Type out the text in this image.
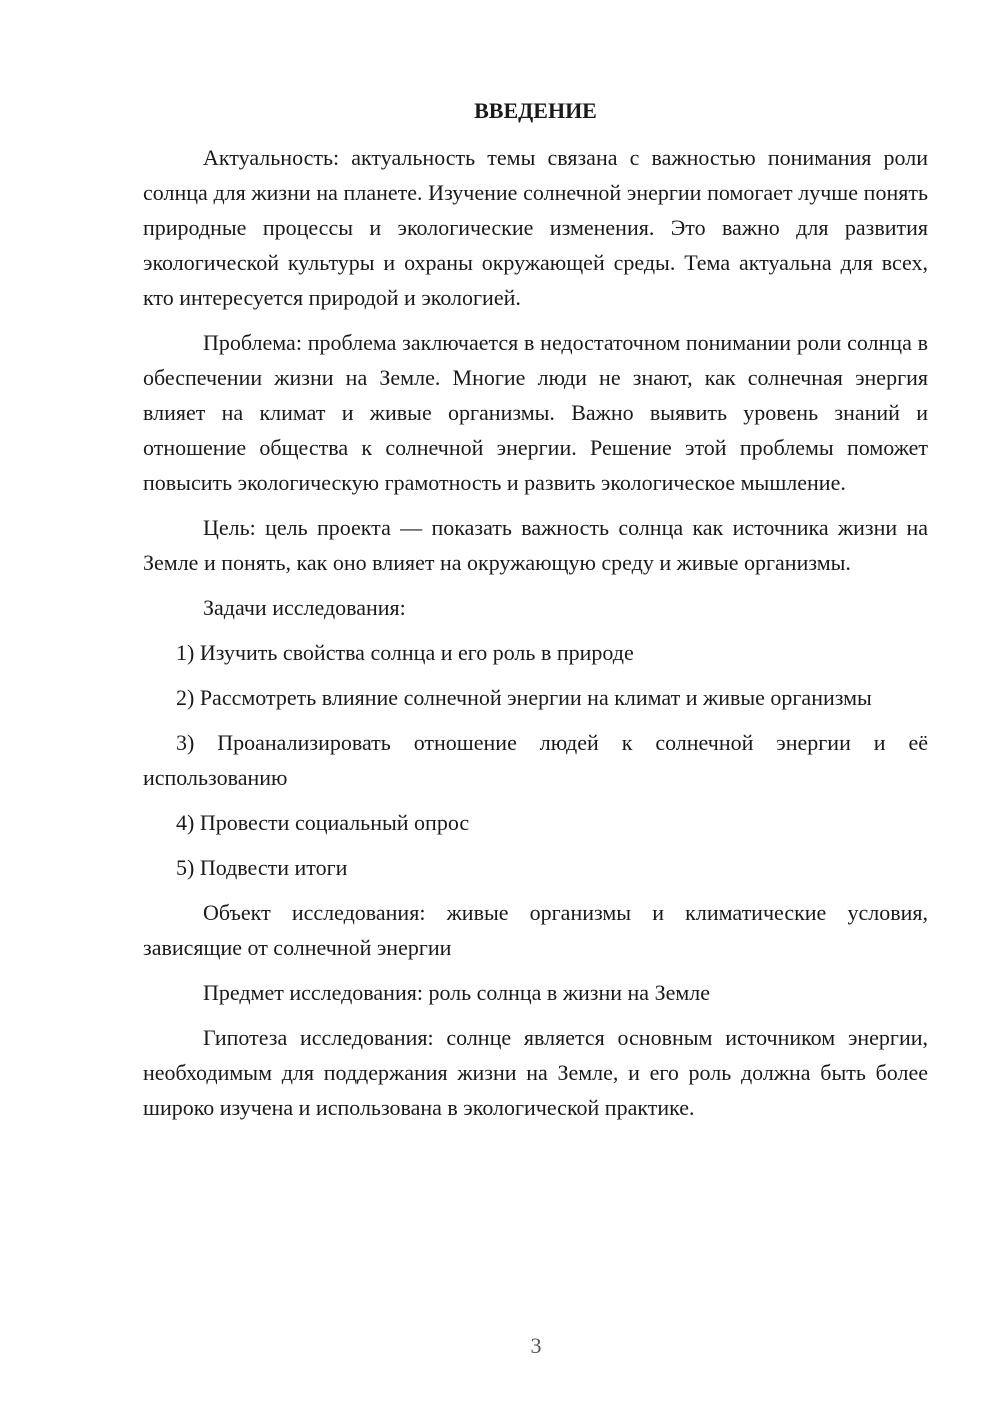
ВВЕДЕНИЕ

Актуальность: актуальность темы связана с важностью понимания роли солнца для жизни на планете. Изучение солнечной энергии помогает лучше понять природные процессы и экологические изменения. Это важно для развития экологической культуры и охраны окружающей среды. Тема актуальна для всех, кто интересуется природой и экологией.

Проблема: проблема заключается в недостаточном понимании роли солнца в обеспечении жизни на Земле. Многие люди не знают, как солнечная энергия влияет на климат и живые организмы. Важно выявить уровень знаний и отношение общества к солнечной энергии. Решение этой проблемы поможет повысить экологическую грамотность и развить экологическое мышление.

Цель: цель проекта — показать важность солнца как источника жизни на Земле и понять, как оно влияет на окружающую среду и живые организмы.

Задачи исследования:

1) Изучить свойства солнца и его роль в природе

2) Рассмотреть влияние солнечной энергии на климат и живые организмы

3) Проанализировать отношение людей к солнечной энергии и её использованию

4) Провести социальный опрос

5) Подвести итоги

Объект исследования: живые организмы и климатические условия, зависящие от солнечной энергии

Предмет исследования: роль солнца в жизни на Земле

Гипотеза исследования: солнце является основным источником энергии, необходимым для поддержания жизни на Земле, и его роль должна быть более широко изучена и использована в экологической практике.

3
